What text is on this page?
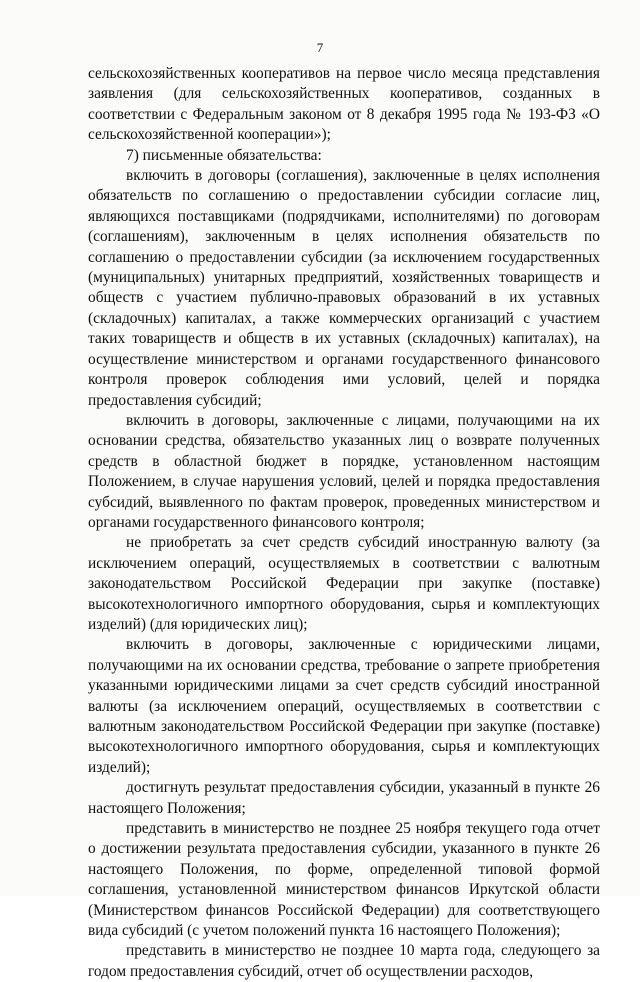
7

сельскохозяйственных кооперативов на первое число месяца представления заявления (для сельскохозяйственных кооперативов, созданных в соответствии с Федеральным законом от 8 декабря 1995 года № 193-ФЗ «О сельскохозяйственной кооперации»);

7) письменные обязательства:

включить в договоры (соглашения), заключенные в целях исполнения обязательств по соглашению о предоставлении субсидии согласие лиц, являющихся поставщиками (подрядчиками, исполнителями) по договорам (соглашениям), заключенным в целях исполнения обязательств по соглашению о предоставлении субсидии (за исключением государственных (муниципальных) унитарных предприятий, хозяйственных товариществ и обществ с участием публично-правовых образований в их уставных (складочных) капиталах, а также коммерческих организаций с участием таких товариществ и обществ в их уставных (складочных) капиталах), на осуществление министерством и органами государственного финансового контроля проверок соблюдения ими условий, целей и порядка предоставления субсидий;

включить в договоры, заключенные с лицами, получающими на их основании средства, обязательство указанных лиц о возврате полученных средств в областной бюджет в порядке, установленном настоящим Положением, в случае нарушения условий, целей и порядка предоставления субсидий, выявленного по фактам проверок, проведенных министерством и органами государственного финансового контроля;

не приобретать за счет средств субсидий иностранную валюту (за исключением операций, осуществляемых в соответствии с валютным законодательством Российской Федерации при закупке (поставке) высокотехнологичного импортного оборудования, сырья и комплектующих изделий) (для юридических лиц);

включить в договоры, заключенные с юридическими лицами, получающими на их основании средства, требование о запрете приобретения указанными юридическими лицами за счет средств субсидий иностранной валюты (за исключением операций, осуществляемых в соответствии с валютным законодательством Российской Федерации при закупке (поставке) высокотехнологичного импортного оборудования, сырья и комплектующих изделий);

достигнуть результат предоставления субсидии, указанный в пункте 26 настоящего Положения;

представить в министерство не позднее 25 ноября текущего года отчет о достижении результата предоставления субсидии, указанного в пункте 26 настоящего Положения, по форме, определенной типовой формой соглашения, установленной министерством финансов Иркутской области (Министерством финансов Российской Федерации) для соответствующего вида субсидий (с учетом положений пункта 16 настоящего Положения);

представить в министерство не позднее 10 марта года, следующего за годом предоставления субсидий, отчет об осуществлении расходов,
